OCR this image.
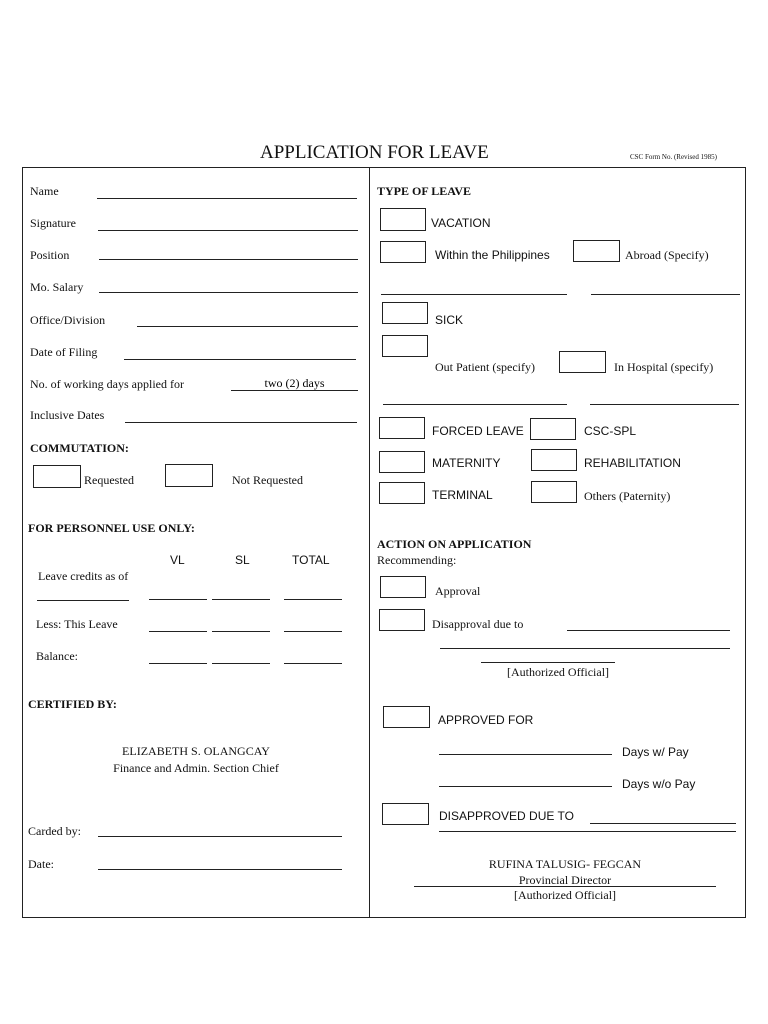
APPLICATION FOR LEAVE	CSC Form No. (Revised 1985)
Name
Signature
Position
Mo. Salary
Office/Division
Date of Filing
No. of working days applied for
two (2) days
Inclusive Dates
COMMUTATION:
Requested	Not Requested
FOR PERSONNEL USE ONLY:
VL	SL	TOTAL
Leave credits as of
Less: This Leave
Balance:
CERTIFIED BY:
ELIZABETH S. OLANGCAY
Finance and Admin. Section Chief
Carded by:
Date:
TYPE OF LEAVE
VACATION
Within the Philippines	Abroad (Specify)
SICK
Out Patient (specify)	In Hospital (specify)
FORCED LEAVE	CSC-SPL
MATERNITY	REHABILITATION
TERMINAL	Others (Paternity)
ACTION ON APPLICATION
Recommending:
Approval
Disapproval due to
[Authorized Official]
APPROVED FOR
Days w/ Pay
Days w/o Pay
DISAPPROVED DUE TO
RUFINA TALUSIG- FEGCAN
Provincial Director
[Authorized Official]
